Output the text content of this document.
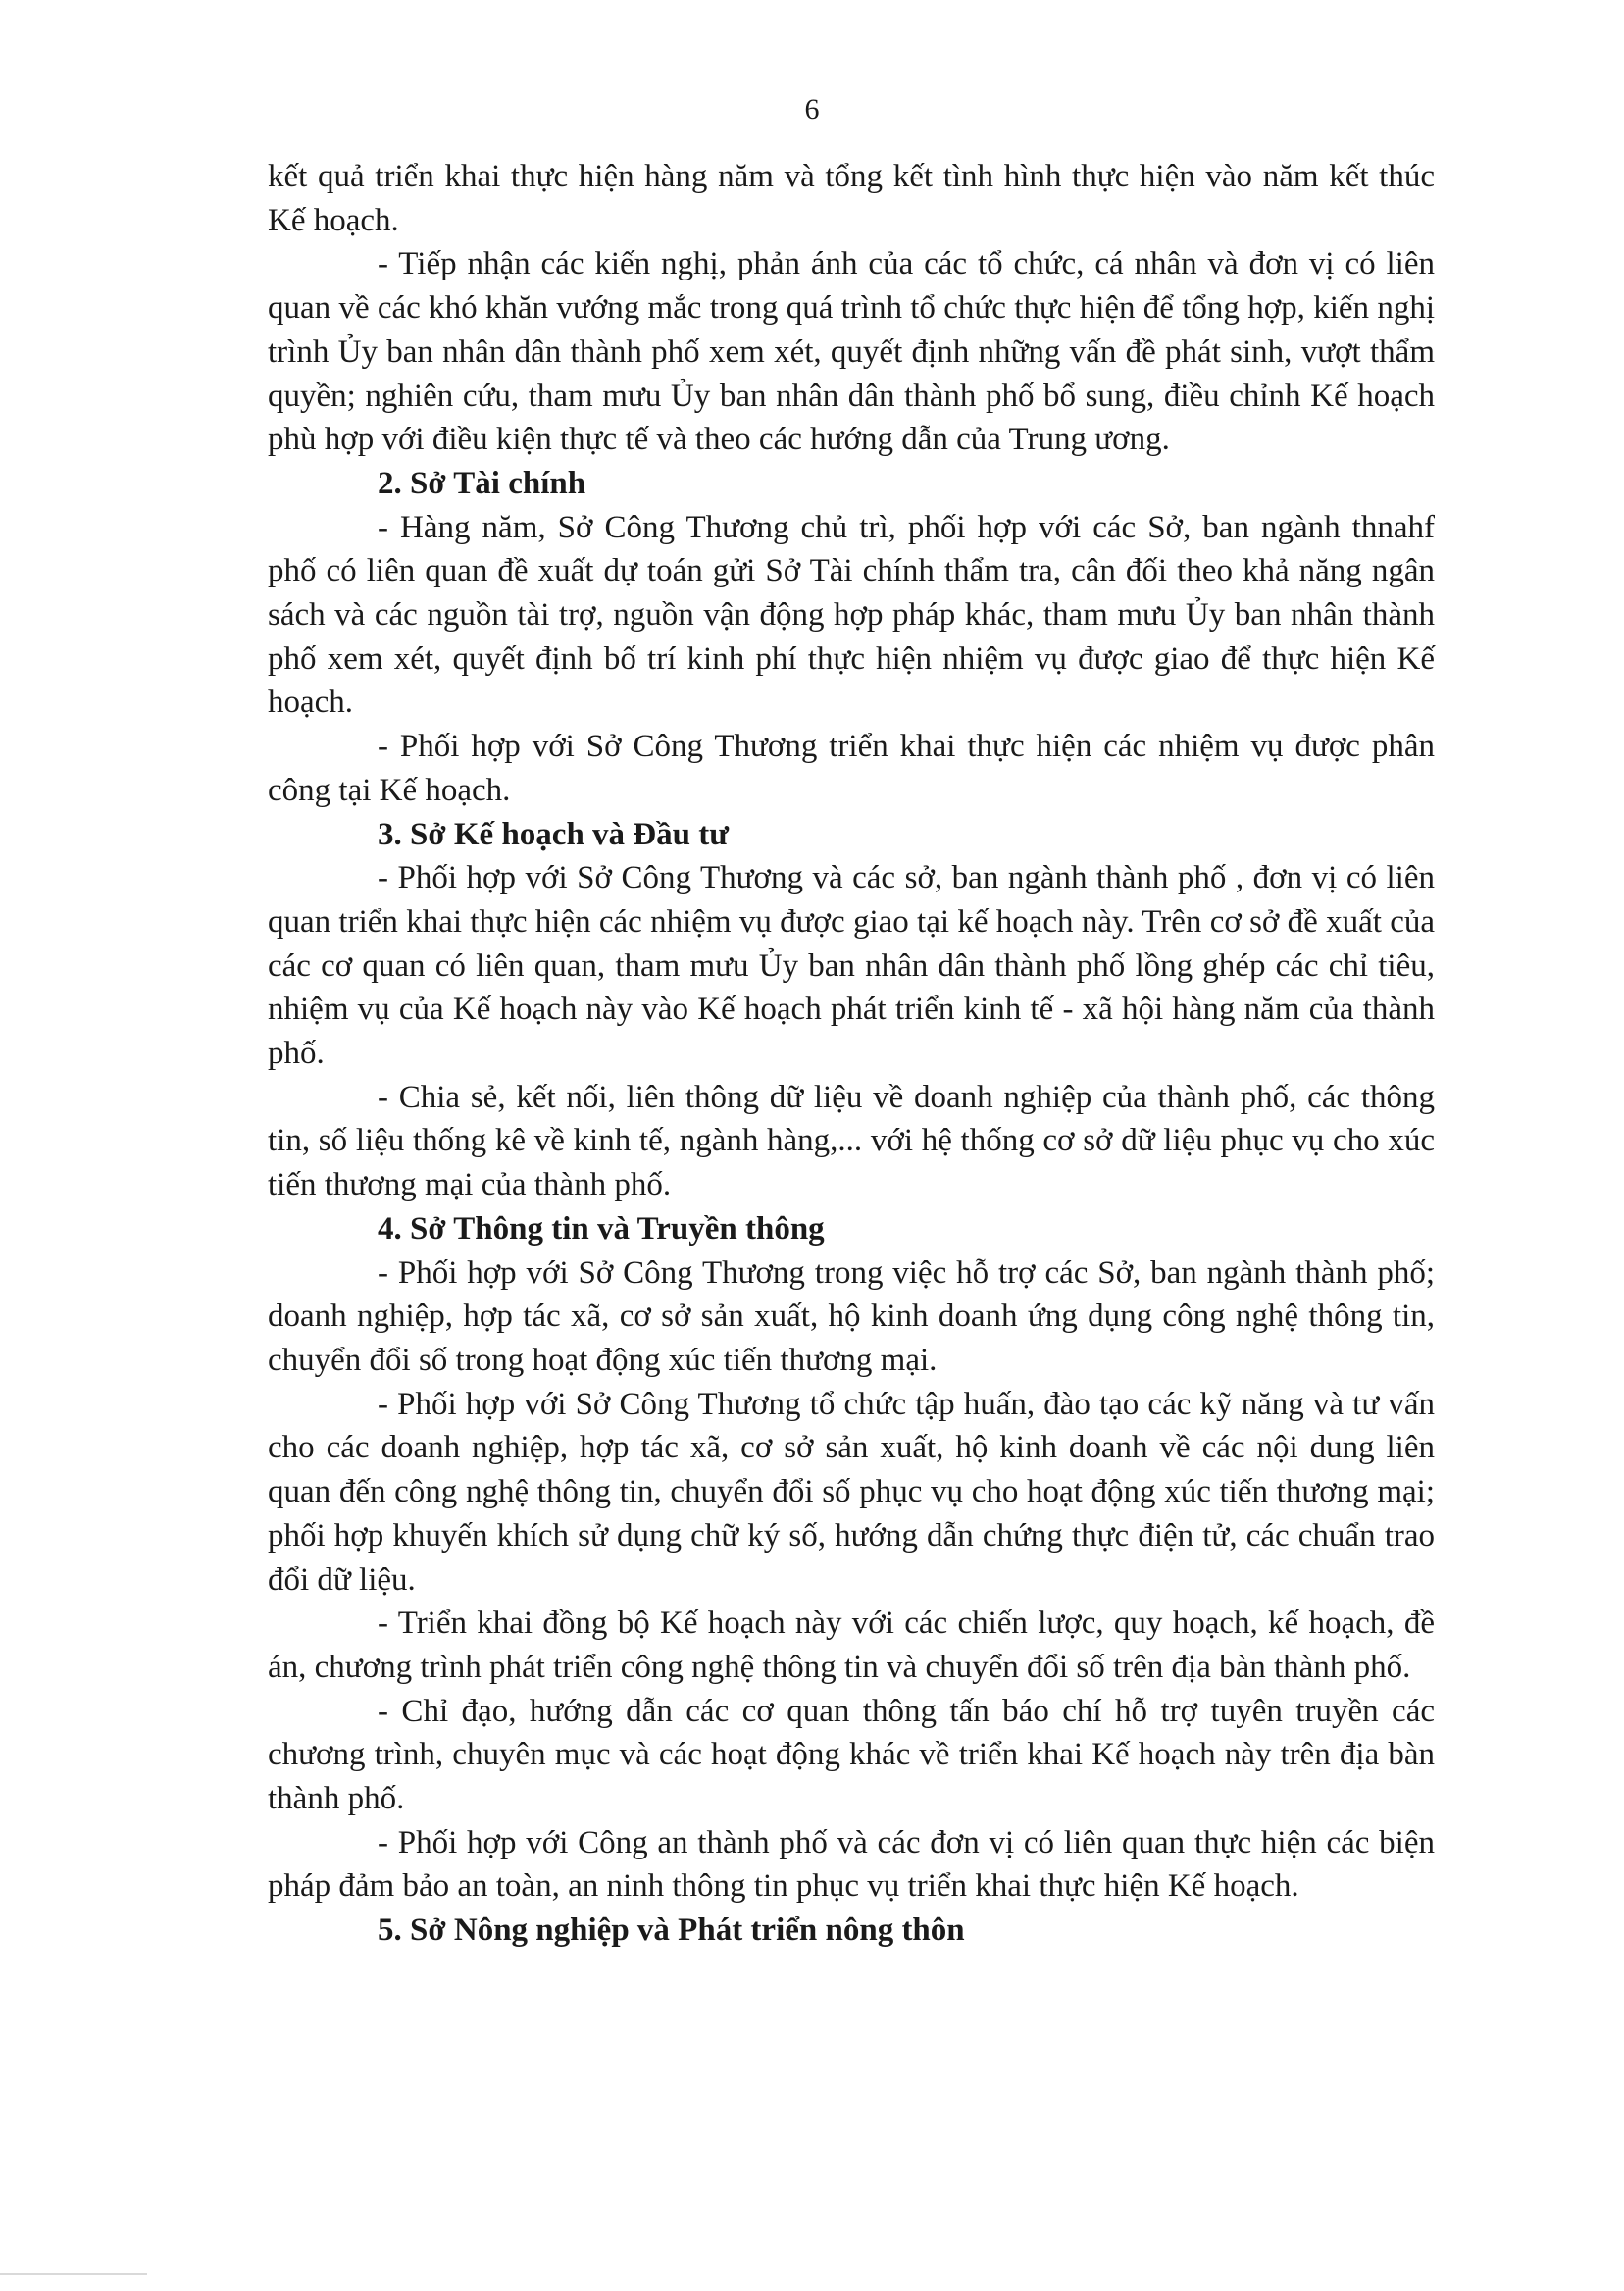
6

kết quả triển khai thực hiện hàng năm và tổng kết tình hình thực hiện vào năm kết thúc Kế hoạch.

- Tiếp nhận các kiến nghị, phản ánh của các tổ chức, cá nhân và đơn vị có liên quan về các khó khăn vướng mắc trong quá trình tổ chức thực hiện để tổng hợp, kiến nghị trình Ủy ban nhân dân thành phố xem xét, quyết định những vấn đề phát sinh, vượt thẩm quyền; nghiên cứu, tham mưu Ủy ban nhân dân thành phố bổ sung, điều chỉnh Kế hoạch phù hợp với điều kiện thực tế và theo các hướng dẫn của Trung ương.

2. Sở Tài chính

- Hàng năm, Sở Công Thương chủ trì, phối hợp với các Sở, ban ngành thnahf phố có liên quan đề xuất dự toán gửi Sở Tài chính thẩm tra, cân đối theo khả năng ngân sách và các nguồn tài trợ, nguồn vận động hợp pháp khác, tham mưu Ủy ban nhân thành phố xem xét, quyết định bố trí kinh phí thực hiện nhiệm vụ được giao để thực hiện Kế hoạch.

- Phối hợp với Sở Công Thương triển khai thực hiện các nhiệm vụ được phân công tại Kế hoạch.

3. Sở Kế hoạch và Đầu tư

- Phối hợp với Sở Công Thương và các sở, ban ngành thành phố , đơn vị có liên quan triển khai thực hiện các nhiệm vụ được giao tại kế hoạch này. Trên cơ sở đề xuất của các cơ quan có liên quan, tham mưu Ủy ban nhân dân thành phố lồng ghép các chỉ tiêu, nhiệm vụ của Kế hoạch này vào Kế hoạch phát triển kinh tế - xã hội hàng năm của thành phố.

- Chia sẻ, kết nối, liên thông dữ liệu về doanh nghiệp của thành phố, các thông tin, số liệu thống kê về kinh tế, ngành hàng,... với hệ thống cơ sở dữ liệu phục vụ cho xúc tiến thương mại của thành phố.

4. Sở Thông tin và Truyền thông

- Phối hợp với Sở Công Thương trong việc hỗ trợ các Sở, ban ngành thành phố; doanh nghiệp, hợp tác xã, cơ sở sản xuất, hộ kinh doanh ứng dụng công nghệ thông tin, chuyển đổi số trong hoạt động xúc tiến thương mại.

- Phối hợp với Sở Công Thương tổ chức tập huấn, đào tạo các kỹ năng và tư vấn cho các doanh nghiệp, hợp tác xã, cơ sở sản xuất, hộ kinh doanh về các nội dung liên quan đến công nghệ thông tin, chuyển đổi số phục vụ cho hoạt động xúc tiến thương mại; phối hợp khuyến khích sử dụng chữ ký số, hướng dẫn chứng thực điện tử, các chuẩn trao đổi dữ liệu.

- Triển khai đồng bộ Kế hoạch này với các chiến lược, quy hoạch, kế hoạch, đề án, chương trình phát triển công nghệ thông tin và chuyển đổi số trên địa bàn thành phố.

- Chỉ đạo, hướng dẫn các cơ quan thông tấn báo chí hỗ trợ tuyên truyền các chương trình, chuyên mục và các hoạt động khác về triển khai Kế hoạch này trên địa bàn thành phố.

- Phối hợp với Công an thành phố và các đơn vị có liên quan thực hiện các biện pháp đảm bảo an toàn, an ninh thông tin phục vụ triển khai thực hiện Kế hoạch.

5. Sở Nông nghiệp và Phát triển nông thôn
